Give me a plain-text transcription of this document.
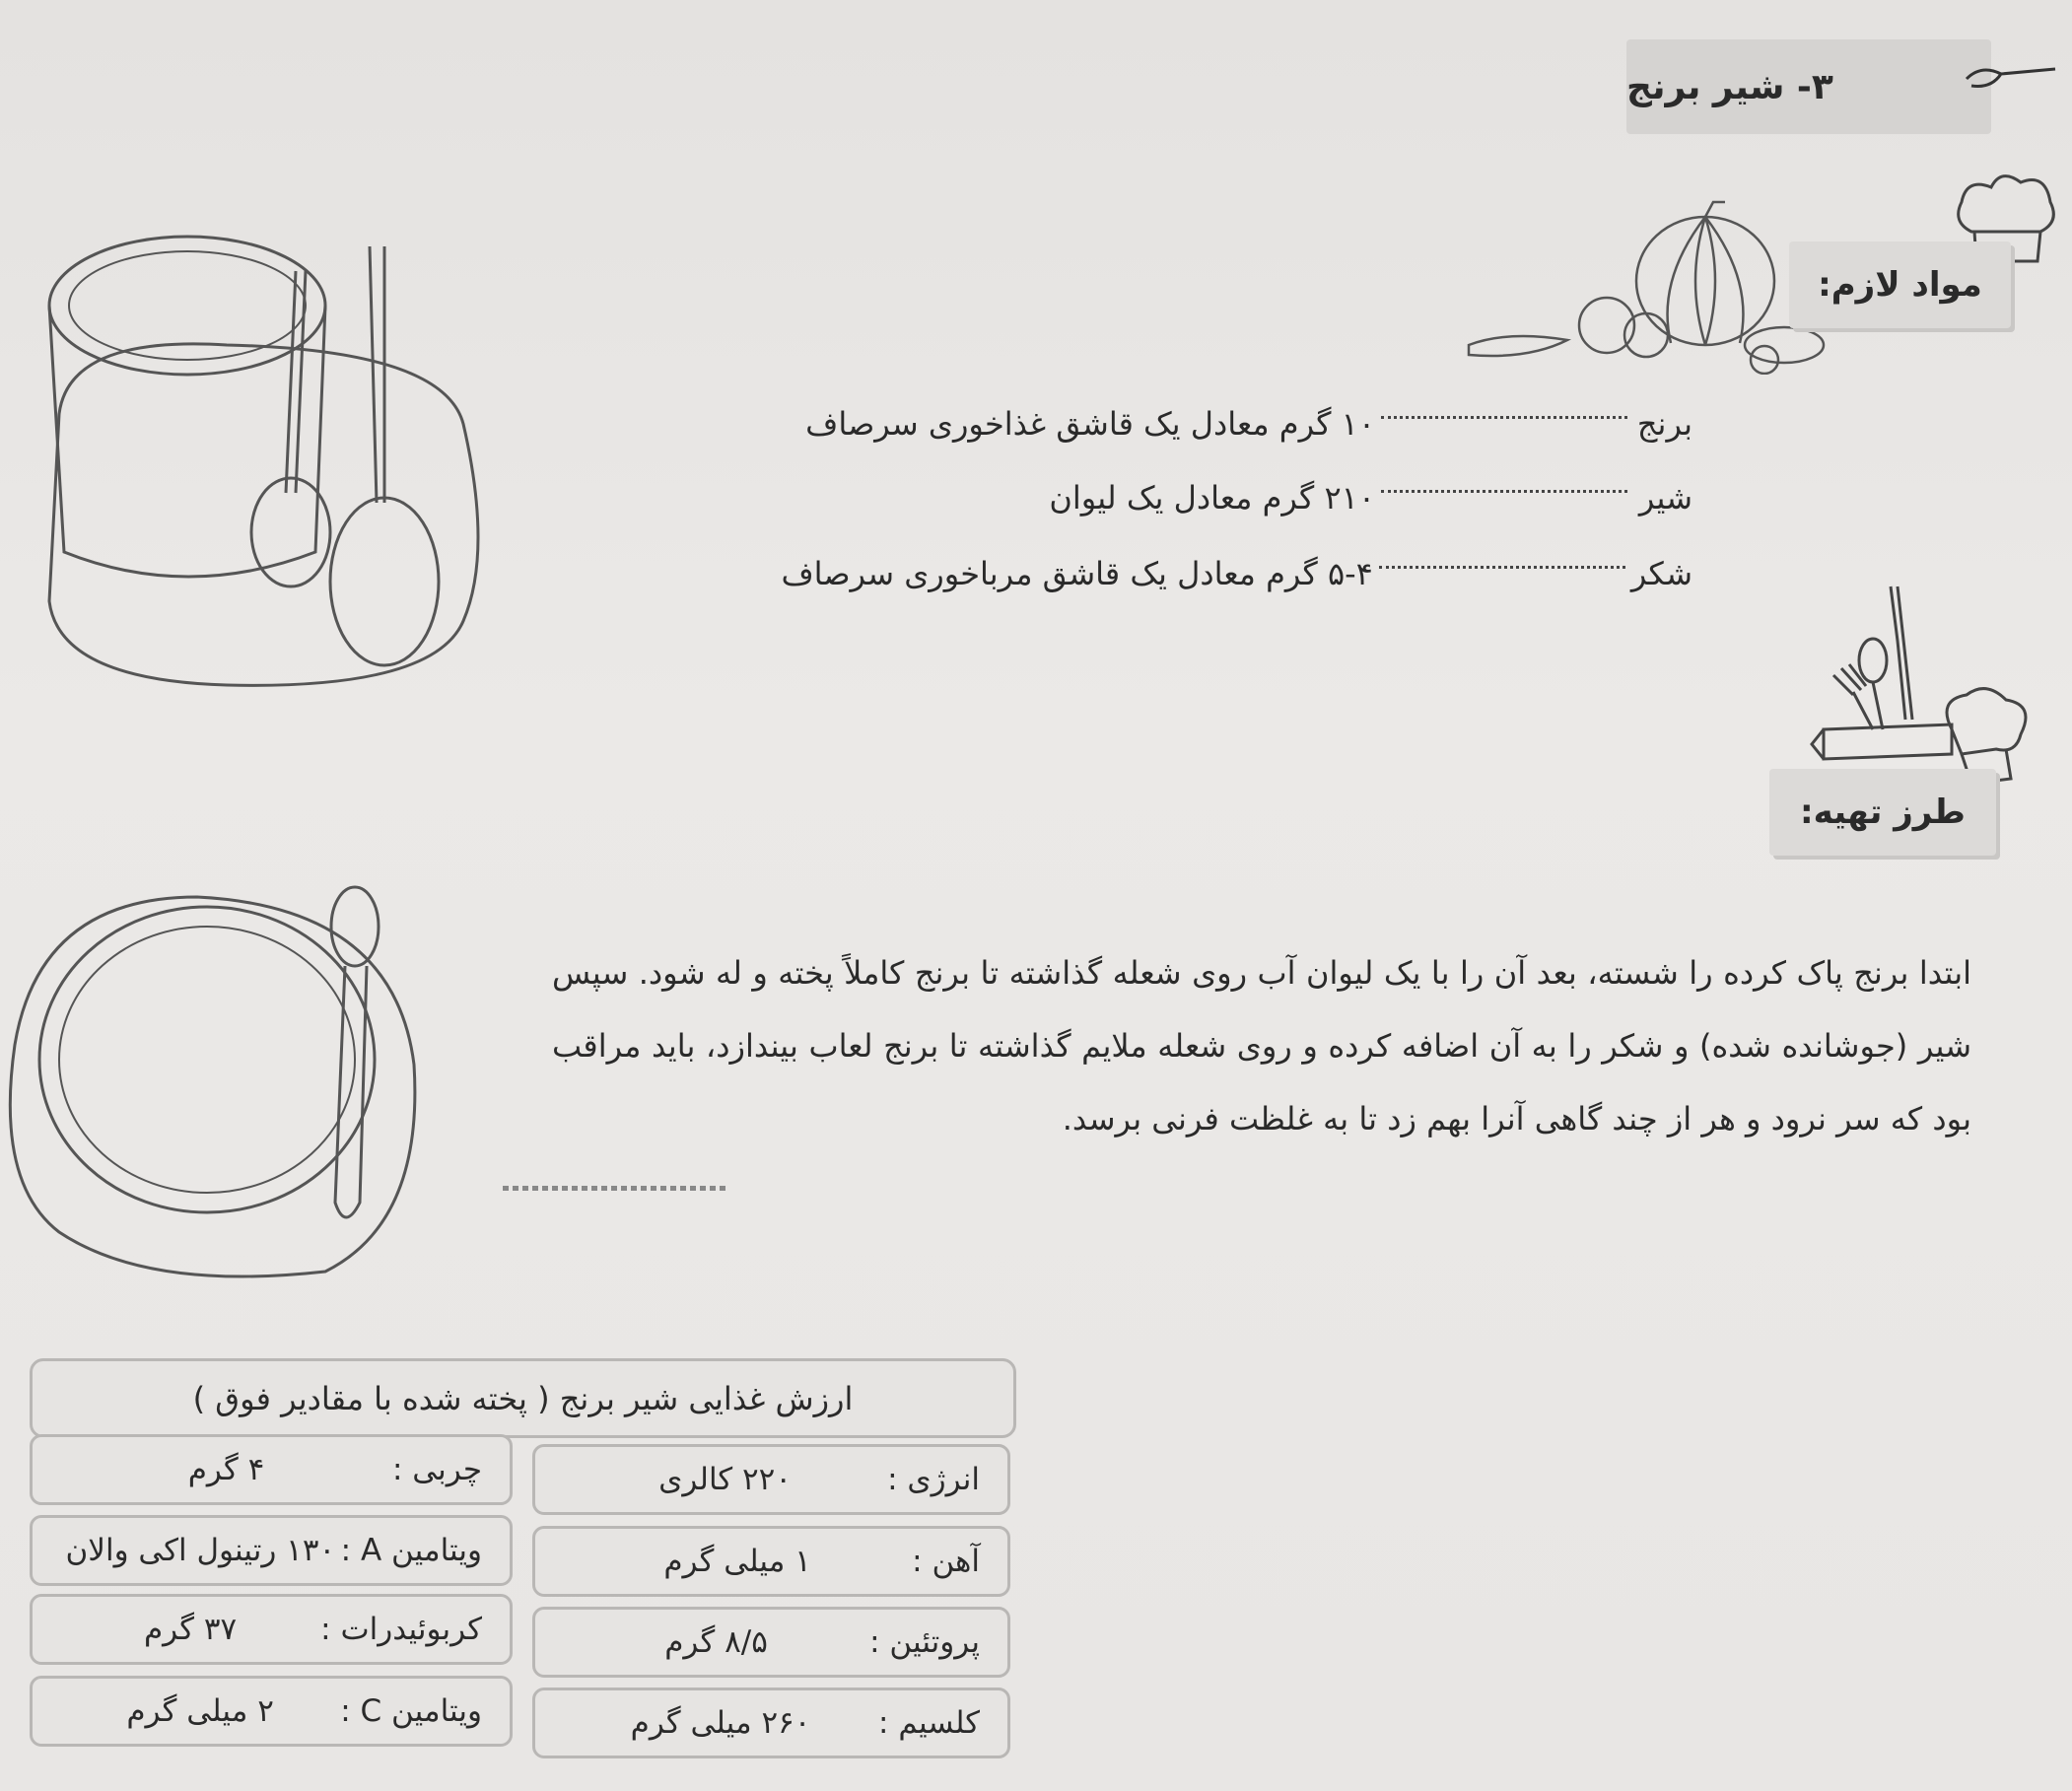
۳- شیر برنج
مواد لازم:
برنج
۱۰ گرم معادل یک قاشق غذاخوری سرصاف
شیر
۲۱۰ گرم معادل یک لیوان
شکر
۵-۴ گرم معادل یک قاشق مرباخوری سرصاف
طرز تهیه:
ابتدا برنج پاک کرده را شسته، بعد آن را با یک لیوان آب روی شعله گذاشته تا برنج کاملاً پخته و له شود. سپس شیر (جوشانده شده) و شکر را به آن اضافه کرده و روی شعله ملایم گذاشته تا برنج لعاب بیندازد، باید مراقب بود که سر نرود و هر از چند گاهی آنرا بهم زد تا به غلظت فرنی برسد.
ارزش غذایی شیر برنج ( پخته شده با مقادیر فوق )
انرژی :
۲۲۰ کالری
آهن :
۱ میلی گرم
پروتئین :
۸/۵ گرم
کلسیم :
۲۶۰ میلی گرم
چربی :
۴ گرم
ویتامین A :
۱۳۰ رتینول اکی والان
کربوئیدرات :
۳۷ گرم
ویتامین C :
۲ میلی گرم
